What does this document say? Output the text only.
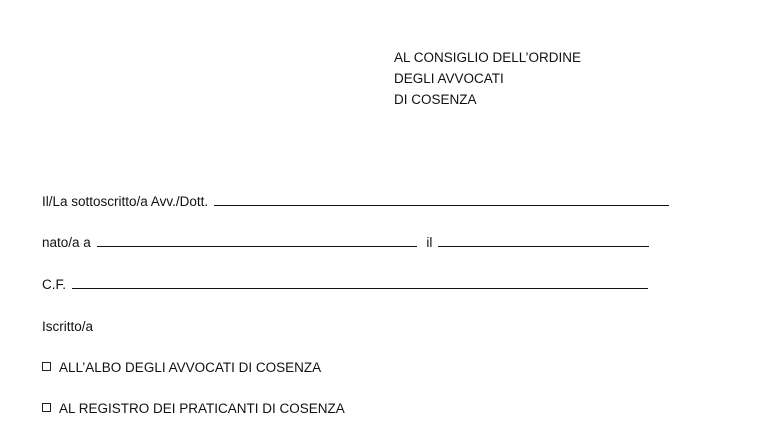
AL CONSIGLIO DELL’ORDINE
DEGLI AVVOCATI
DI COSENZA
Il/La sottoscritto/a Avv./Dott.
nato/a a	il
C.F.
Iscritto/a
ALL’ALBO DEGLI AVVOCATI DI COSENZA
AL REGISTRO DEI PRATICANTI DI COSENZA
